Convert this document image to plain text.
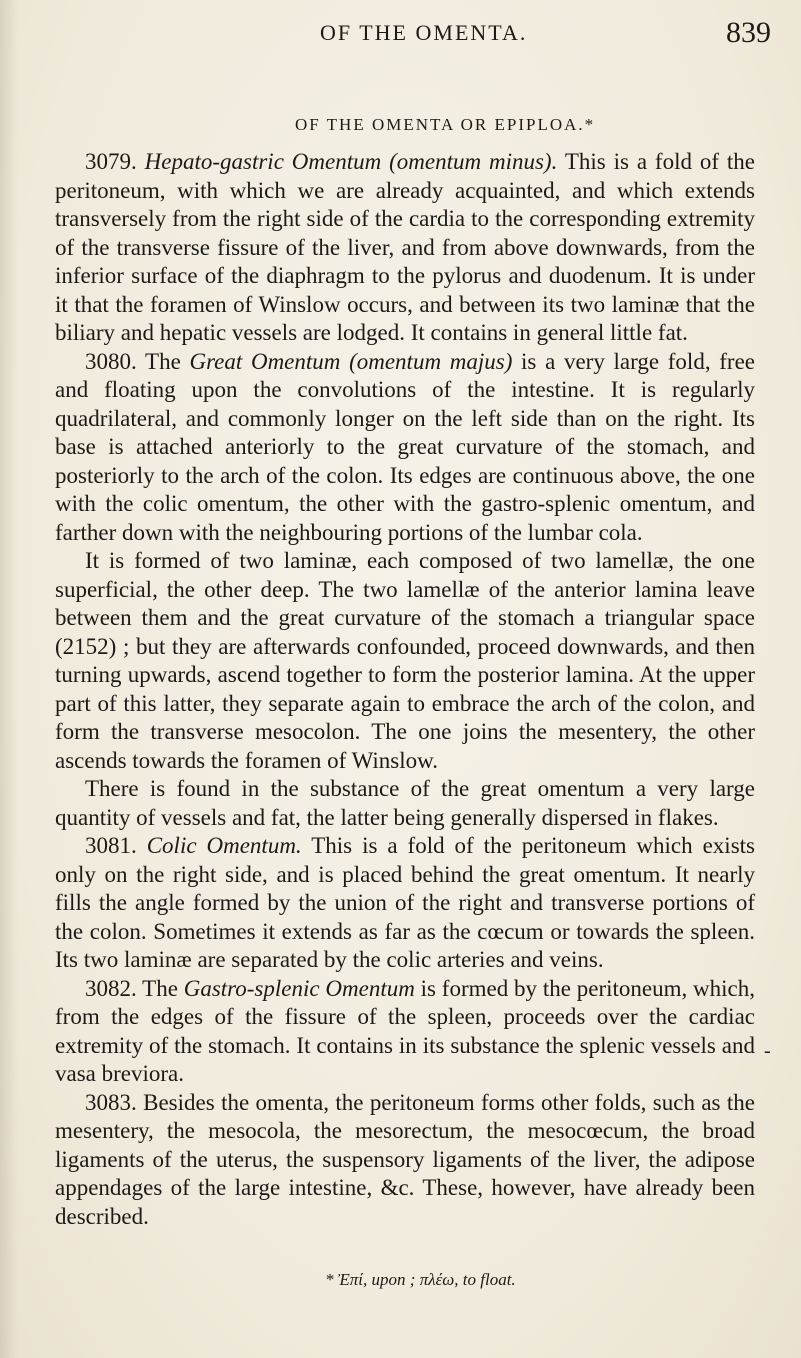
OF THE OMENTA.	839
OF THE OMENTA OR EPIPLOA.*

3079. Hepato-gastric Omentum (omentum minus). This is a fold of the peritoneum, with which we are already acquainted, and which extends transversely from the right side of the cardia to the corresponding extremity of the transverse fissure of the liver, and from above downwards, from the inferior surface of the diaphragm to the pylorus and duodenum. It is under it that the foramen of Winslow occurs, and between its two laminæ that the biliary and hepatic vessels are lodged. It contains in general little fat.

3080. The Great Omentum (omentum majus) is a very large fold, free and floating upon the convolutions of the intestine. It is regularly quadrilateral, and commonly longer on the left side than on the right. Its base is attached anteriorly to the great curvature of the stomach, and posteriorly to the arch of the colon. Its edges are continuous above, the one with the colic omentum, the other with the gastro-splenic omentum, and farther down with the neighbouring portions of the lumbar cola.

It is formed of two laminæ, each composed of two lamellæ, the one superficial, the other deep. The two lamellæ of the anterior lamina leave between them and the great curvature of the stomach a triangular space (2152) ; but they are afterwards confounded, proceed downwards, and then turning upwards, ascend together to form the posterior lamina. At the upper part of this latter, they separate again to embrace the arch of the colon, and form the transverse mesocolon. The one joins the mesentery, the other ascends towards the foramen of Winslow.

There is found in the substance of the great omentum a very large quantity of vessels and fat, the latter being generally dispersed in flakes.

3081. Colic Omentum. This is a fold of the peritoneum which exists only on the right side, and is placed behind the great omentum. It nearly fills the angle formed by the union of the right and transverse portions of the colon. Sometimes it extends as far as the cœcum or towards the spleen. Its two laminæ are separated by the colic arteries and veins.

3082. The Gastro-splenic Omentum is formed by the peritoneum, which, from the edges of the fissure of the spleen, proceeds over the cardiac extremity of the stomach. It contains in its substance the splenic vessels and vasa breviora.

3083. Besides the omenta, the peritoneum forms other folds, such as the mesentery, the mesocola, the mesorectum, the mesocœcum, the broad ligaments of the uterus, the suspensory ligaments of the liver, the adipose appendages of the large intestine, &c. These, however, have already been described.

-
* Ἐπί, upon ; πλέω, to float.
